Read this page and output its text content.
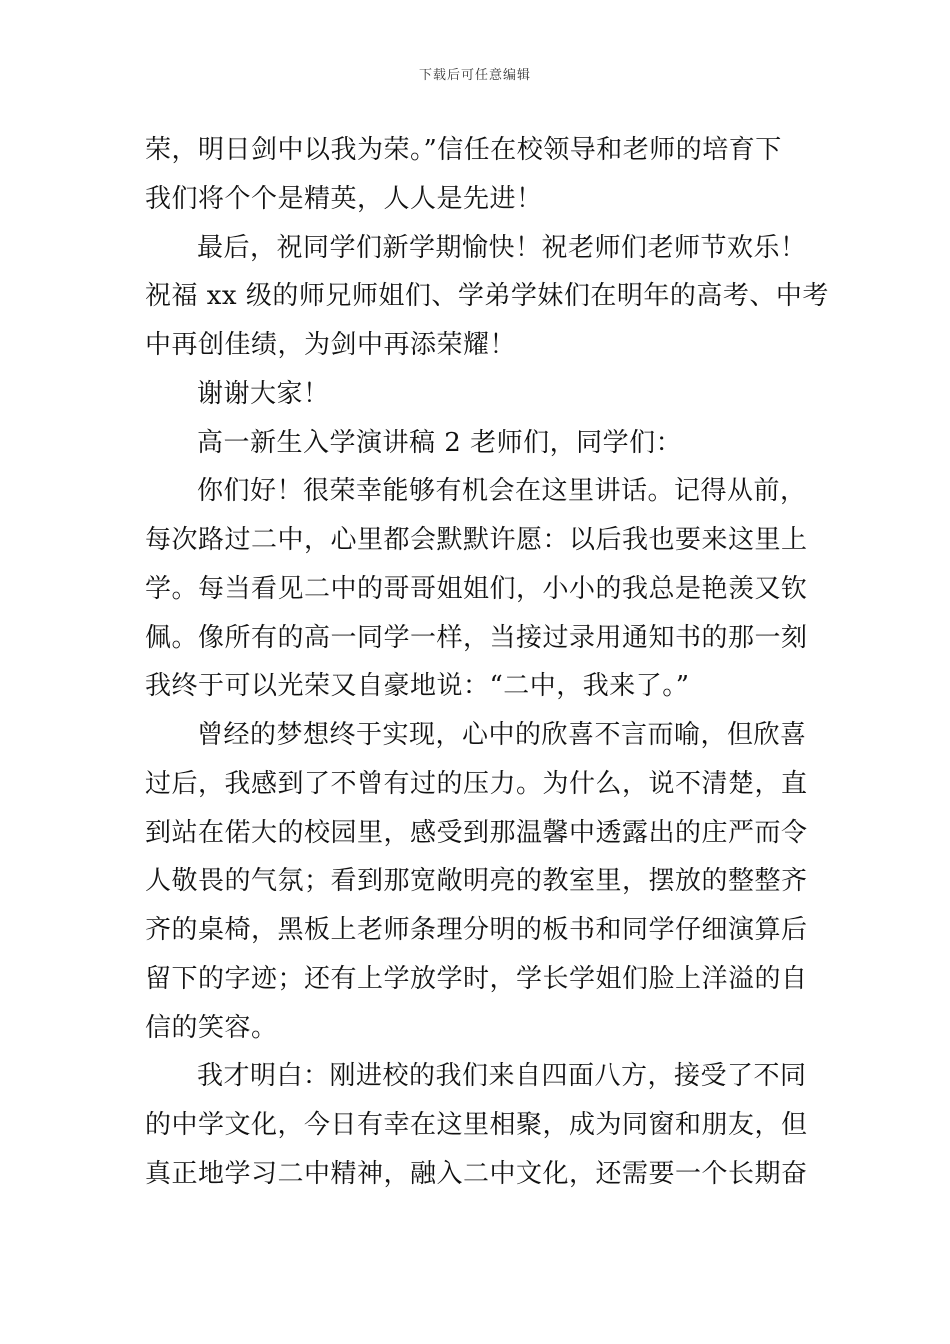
下载后可任意编辑
荣，明日剑中以我为荣。”信任在校领导和老师的培育下
我们将个个是精英，人人是先进！
最后，祝同学们新学期愉快！祝老师们老师节欢乐！
祝福 xx 级的师兄师姐们、学弟学妹们在明年的高考、中考
中再创佳绩，为剑中再添荣耀！
谢谢大家！
高一新生入学演讲稿 2 老师们，同学们：
你们好！很荣幸能够有机会在这里讲话。记得从前，
每次路过二中，心里都会默默许愿：以后我也要来这里上
学。每当看见二中的哥哥姐姐们，小小的我总是艳羡又钦
佩。像所有的高一同学一样，当接过录用通知书的那一刻
我终于可以光荣又自豪地说：“二中，我来了。”
曾经的梦想终于实现，心中的欣喜不言而喻，但欣喜
过后，我感到了不曾有过的压力。为什么，说不清楚，直
到站在偌大的校园里，感受到那温馨中透露出的庄严而令
人敬畏的气氛；看到那宽敞明亮的教室里，摆放的整整齐
齐的桌椅，黑板上老师条理分明的板书和同学仔细演算后
留下的字迹；还有上学放学时，学长学姐们脸上洋溢的自
信的笑容。
我才明白：刚进校的我们来自四面八方，接受了不同
的中学文化，今日有幸在这里相聚，成为同窗和朋友，但
真正地学习二中精神，融入二中文化，还需要一个长期奋
